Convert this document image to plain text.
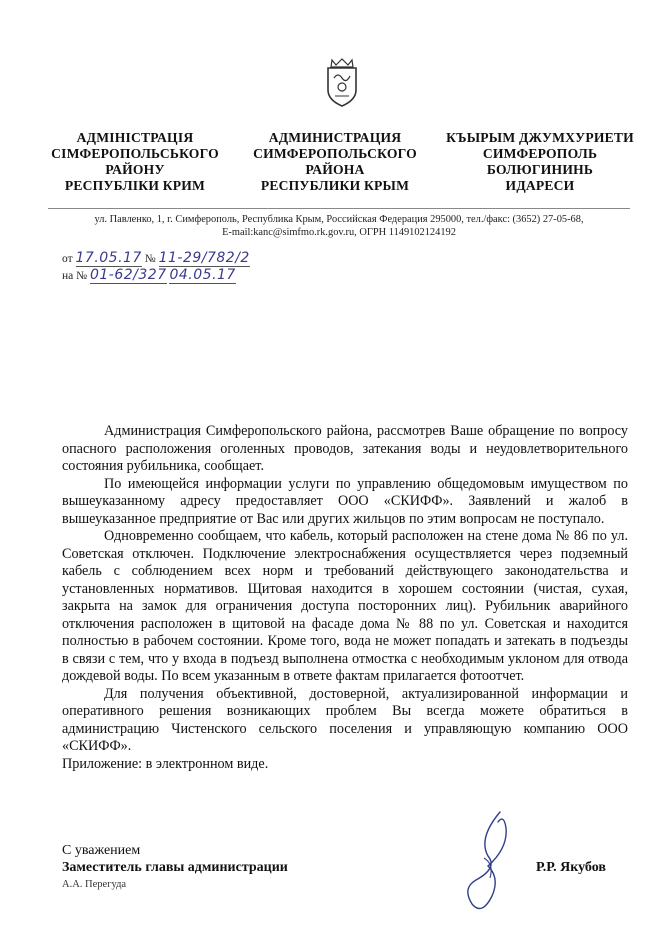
АДМІНІСТРАЦІЯ
СІМФЕРОПОЛЬСЬКОГО
РАЙОНУ
РЕСПУБЛІКИ КРИМ
АДМИНИСТРАЦИЯ
СИМФЕРОПОЛЬСКОГО
РАЙОНА
РЕСПУБЛИКИ КРЫМ
КЪЫРЫМ ДЖУМХУРИЕТИ
СИМФЕРОПОЛЬ
БОЛЮГИНИНЬ
ИДАРЕСИ
ул. Павленко, 1, г. Симферополь, Республика Крым, Российская Федерация 295000, тел./факс: (3652) 27-05-68,
E-mail:kanc@simfmo.rk.gov.ru, ОГРН 1149102124192
от 17.05.17 № 11-29/782/2
на № 01-62/327 04.05.17

Администрация Симферопольского района, рассмотрев Ваше обращение по вопросу опасного расположения оголенных проводов, затекания воды и неудовлетворительного состояния рубильника, сообщает.

По имеющейся информации услуги по управлению общедомовым имуществом по вышеуказанному адресу предоставляет ООО «СКИФФ». Заявлений и жалоб в вышеуказанное предприятие от Вас или других жильцов по этим вопросам не поступало.

Одновременно сообщаем, что кабель, который расположен на стене дома № 86 по ул. Советская отключен. Подключение электроснабжения осуществляется через подземный кабель с соблюдением всех норм и требований действующего законодательства и установленных нормативов. Щитовая находится в хорошем состоянии (чистая, сухая, закрыта на замок для ограничения доступа посторонних лиц). Рубильник аварийного отключения расположен в щитовой на фасаде дома № 88 по ул. Советская и находится полностью в рабочем состоянии. Кроме того, вода не может попадать и затекать в подъезды в связи с тем, что у входа в подъезд выполнена отмостка с необходимым уклоном для отвода дождевой воды. По всем указанным в ответе фактам прилагается фотоотчет.

Для получения объективной, достоверной, актуализированной информации и оперативного решения возникающих проблем Вы всегда можете обратиться в администрацию Чистенского сельского поселения и управляющую компанию ООО «СКИФФ».

Приложение: в электронном виде.

С уважением
Заместитель главы администрации
А.А. Перегуда
Р.Р. Якубов
